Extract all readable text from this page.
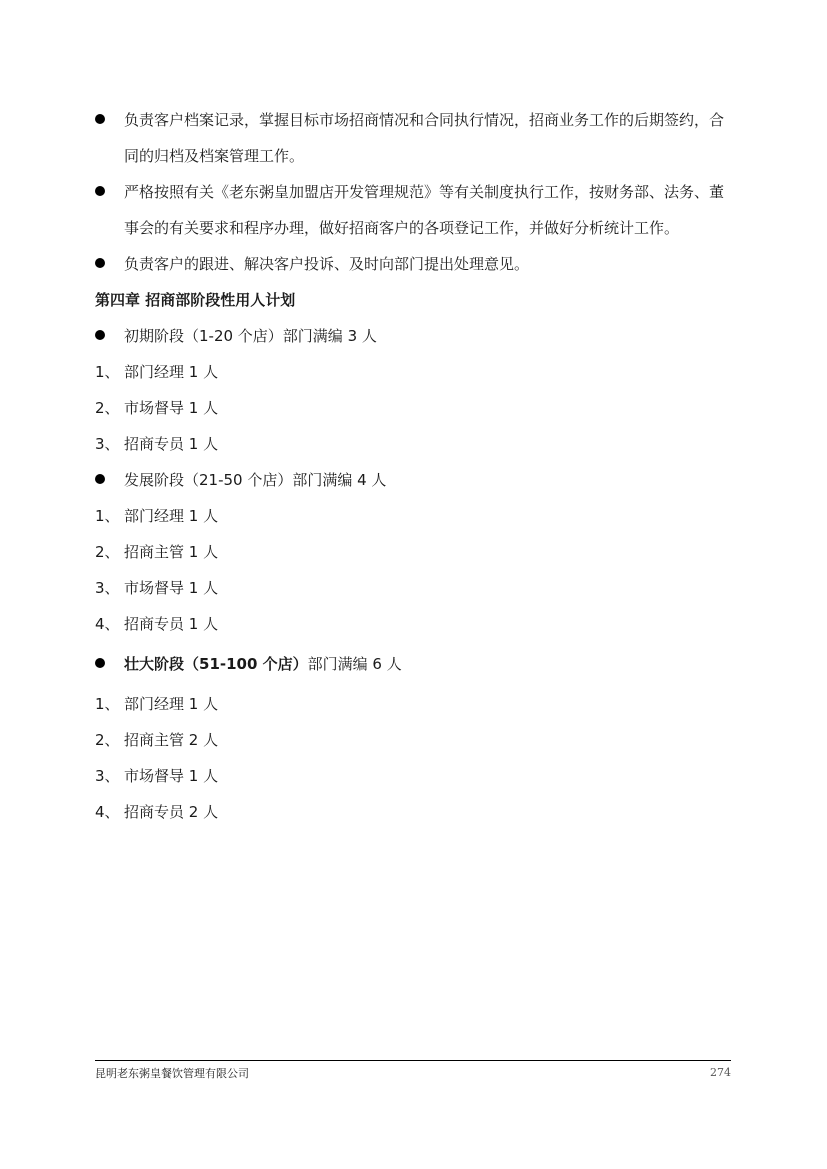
负责客户档案记录，掌握目标市场招商情况和合同执行情况，招商业务工作的后期签约，合同的归档及档案管理工作。
严格按照有关《老东粥皇加盟店开发管理规范》等有关制度执行工作，按财务部、法务、董事会的有关要求和程序办理，做好招商客户的各项登记工作，并做好分析统计工作。
负责客户的跟进、解决客户投诉、及时向部门提出处理意见。
第四章 招商部阶段性用人计划
初期阶段（1-20 个店）部门满编 3 人
1、 部门经理 1 人
2、 市场督导 1 人
3、 招商专员 1 人
发展阶段（21-50 个店）部门满编 4 人
1、 部门经理 1 人
2、 招商主管 1 人
3、 市场督导 1 人
4、 招商专员 1 人
壮大阶段（51-100 个店）部门满编 6 人
1、 部门经理 1 人
2、 招商主管 2 人
3、 市场督导 1 人
4、 招商专员 2 人
昆明老东粥皇餐饮管理有限公司	274
